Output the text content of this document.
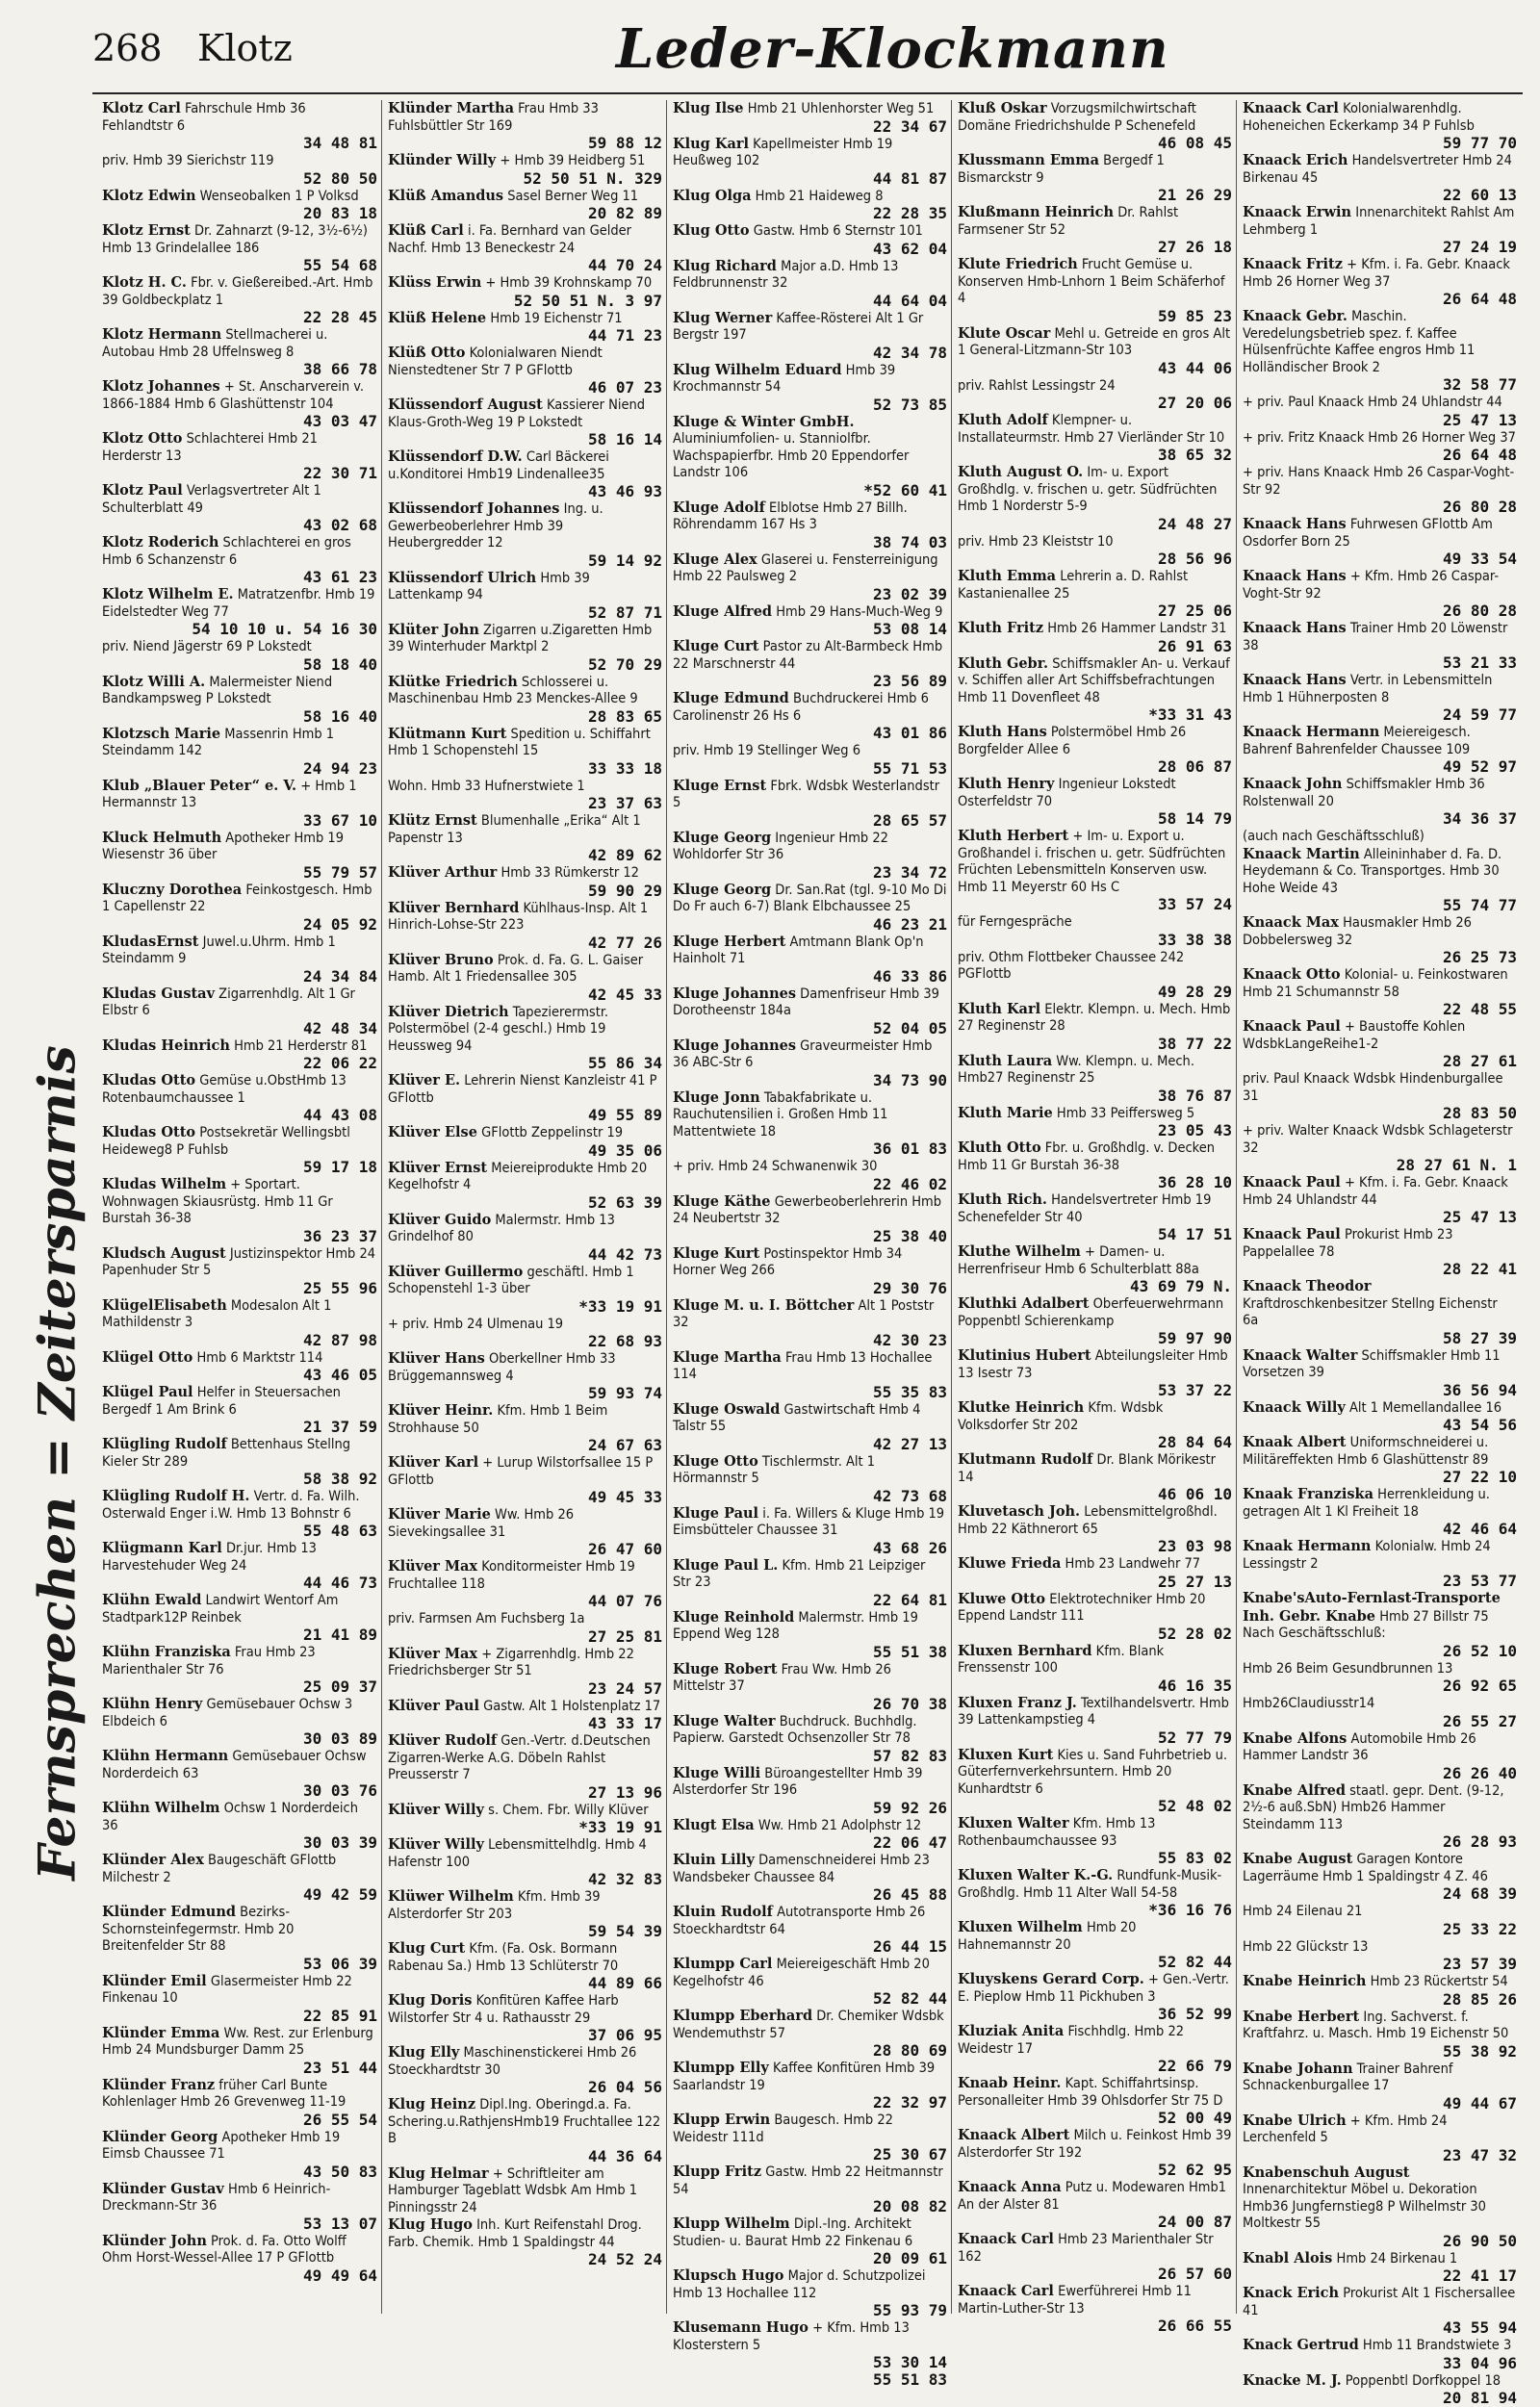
268 Klotz	Leder-Klockmann
Fernsprechen = Zeitersparnis
Klotz Carl Fahrschule Hmb 36 Fehlandtstr 6
34 48 81
priv. Hmb 39 Sierichstr 119
52 80 50
Klotz Edwin Wenseobalken 1 P Volksd
20 83 18
Klotz Ernst Dr. Zahnarzt (9-12, 3½-6½) Hmb 13 Grindelallee 186
55 54 68
Klotz H. C. Fbr. v. Gießereibed.-Art. Hmb 39 Goldbeckplatz 1
22 28 45
Klotz Hermann Stellmacherei u. Autobau Hmb 28 Uffelnsweg 8
38 66 78
Klotz Johannes + St. Anscharverein v. 1866-1884 Hmb 6 Glashüttenstr 104
43 03 47
Klotz Otto Schlachterei Hmb 21 Herderstr 13
22 30 71
Klotz Paul Verlagsvertreter Alt 1 Schulterblatt 49
43 02 68
Klotz Roderich Schlachterei en gros Hmb 6 Schanzenstr 6
43 61 23
Klotz Wilhelm E. Matratzenfbr. Hmb 19 Eidelstedter Weg 77
54 10 10 u. 54 16 30
priv. Niend Jägerstr 69 P Lokstedt
58 18 40
Klotz Willi A. Malermeister Niend Bandkampsweg P Lokstedt
58 16 40
Klotzsch Marie Massenrin Hmb 1 Steindamm 142
24 94 23
Klub „Blauer Peter“ e. V. + Hmb 1 Hermannstr 13
33 67 10
Kluck Helmuth Apotheker Hmb 19 Wiesenstr 36 über
55 79 57
Kluczny Dorothea Feinkostgesch. Hmb 1 Capellenstr 22
24 05 92
KludasErnst Juwel.u.Uhrm. Hmb 1 Steindamm 9
24 34 84
Kludas Gustav Zigarrenhdlg. Alt 1 Gr Elbstr 6
42 48 34
Kludas Heinrich Hmb 21 Herderstr 81
22 06 22
Kludas Otto Gemüse u.ObstHmb 13 Rotenbaumchaussee 1
44 43 08
Kludas Otto Postsekretär Wellingsbtl Heideweg8 P Fuhlsb
59 17 18
Kludas Wilhelm + Sportart. Wohnwagen Skiausrüstg. Hmb 11 Gr Burstah 36-38
36 23 37
Kludsch August Justizinspektor Hmb 24 Papenhuder Str 5
25 55 96
KlügelElisabeth Modesalon Alt 1 Mathildenstr 3
42 87 98
Klügel Otto Hmb 6 Marktstr 114
43 46 05
Klügel Paul Helfer in Steuersachen Bergedf 1 Am Brink 6
21 37 59
Klügling Rudolf Bettenhaus Stellng Kieler Str 289
58 38 92
Klügling Rudolf H. Vertr. d. Fa. Wilh. Osterwald Enger i.W. Hmb 13 Bohnstr 6
55 48 63
Klügmann Karl Dr.jur. Hmb 13 Harvestehuder Weg 24
44 46 73
Klühn Ewald Landwirt Wentorf Am Stadtpark12P Reinbek
21 41 89
Klühn Franziska Frau Hmb 23 Marienthaler Str 76
25 09 37
Klühn Henry Gemüsebauer Ochsw 3 Elbdeich 6
30 03 89
Klühn Hermann Gemüsebauer Ochsw Norderdeich 63
30 03 76
Klühn Wilhelm Ochsw 1 Norderdeich 36
30 03 39
Klünder Alex Baugeschäft GFlottb Milchestr 2
49 42 59
Klünder Edmund Bezirks-Schornsteinfegermstr. Hmb 20 Breitenfelder Str 88
53 06 39
Klünder Emil Glasermeister Hmb 22 Finkenau 10
22 85 91
Klünder Emma Ww. Rest. zur Erlenburg Hmb 24 Mundsburger Damm 25
23 51 44
Klünder Franz früher Carl Bunte Kohlenlager Hmb 26 Grevenweg 11-19
26 55 54
Klünder Georg Apotheker Hmb 19 Eimsb Chaussee 71
43 50 83
Klünder Gustav Hmb 6 Heinrich-Dreckmann-Str 36
53 13 07
Klünder John Prok. d. Fa. Otto Wolff Ohm Horst-Wessel-Allee 17 P GFlottb
49 49 64
Klünder Martha Frau Hmb 33 Fuhlsbüttler Str 169
59 88 12
Klünder Willy + Hmb 39 Heidberg 51
52 50 51 N. 329
Klüß Amandus Sasel Berner Weg 11
20 82 89
Klüß Carl i. Fa. Bernhard van Gelder Nachf. Hmb 13 Beneckestr 24
44 70 24
Klüss Erwin + Hmb 39 Krohnskamp 70
52 50 51 N. 3 97
Klüß Helene Hmb 19 Eichenstr 71
44 71 23
Klüß Otto Kolonialwaren Niendt Nienstedtener Str 7 P GFlottb
46 07 23
Klüssendorf August Kassierer Niend Klaus-Groth-Weg 19 P Lokstedt
58 16 14
Klüssendorf D.W. Carl Bäckerei u.Konditorei Hmb19 Lindenallee35
43 46 93
Klüssendorf Johannes Ing. u. Gewerbeoberlehrer Hmb 39 Heubergredder 12
59 14 92
Klüssendorf Ulrich Hmb 39 Lattenkamp 94
52 87 71
Klüter John Zigarren u.Zigaretten Hmb 39 Winterhuder Marktpl 2
52 70 29
Klütke Friedrich Schlosserei u. Maschinenbau Hmb 23 Menckes-Allee 9
28 83 65
Klütmann Kurt Spedition u. Schiffahrt Hmb 1 Schopenstehl 15
33 33 18
Wohn. Hmb 33 Hufnerstwiete 1
23 37 63
Klütz Ernst Blumenhalle „Erika“ Alt 1 Papenstr 13
42 89 62
Klüver Arthur Hmb 33 Rümkerstr 12
59 90 29
Klüver Bernhard Kühlhaus-Insp. Alt 1 Hinrich-Lohse-Str 223
42 77 26
Klüver Bruno Prok. d. Fa. G. L. Gaiser Hamb. Alt 1 Friedensallee 305
42 45 33
Klüver Dietrich Tapezierermstr. Polstermöbel (2-4 geschl.) Hmb 19 Heussweg 94
55 86 34
Klüver E. Lehrerin Nienst Kanzleistr 41 P GFlottb
49 55 89
Klüver Else GFlottb Zeppelinstr 19
49 35 06
Klüver Ernst Meiereiprodukte Hmb 20 Kegelhofstr 4
52 63 39
Klüver Guido Malermstr. Hmb 13 Grindelhof 80
44 42 73
Klüver Guillermo geschäftl. Hmb 1 Schopenstehl 1-3 über
*33 19 91
+ priv. Hmb 24 Ulmenau 19
22 68 93
Klüver Hans Oberkellner Hmb 33 Brüggemannsweg 4
59 93 74
Klüver Heinr. Kfm. Hmb 1 Beim Strohhause 50
24 67 63
Klüver Karl + Lurup Wilstorfsallee 15 P GFlottb
49 45 33
Klüver Marie Ww. Hmb 26 Sievekingsallee 31
26 47 60
Klüver Max Konditormeister Hmb 19 Fruchtallee 118
44 07 76
priv. Farmsen Am Fuchsberg 1a
27 25 81
Klüver Max + Zigarrenhdlg. Hmb 22 Friedrichsberger Str 51
23 24 57
Klüver Paul Gastw. Alt 1 Holstenplatz 17
43 33 17
Klüver Rudolf Gen.-Vertr. d.Deutschen Zigarren-Werke A.G. Döbeln Rahlst Preusserstr 7
27 13 96
Klüver Willy s. Chem. Fbr. Willy Klüver
*33 19 91
Klüver Willy Lebensmittelhdlg. Hmb 4 Hafenstr 100
42 32 83
Klüwer Wilhelm Kfm. Hmb 39 Alsterdorfer Str 203
59 54 39
Klug Curt Kfm. (Fa. Osk. Bormann Rabenau Sa.) Hmb 13 Schlüterstr 70
44 89 66
Klug Doris Konfitüren Kaffee Harb Wilstorfer Str 4 u. Rathausstr 29
37 06 95
Klug Elly Maschinenstickerei Hmb 26 Stoeckhardtstr 30
26 04 56
Klug Heinz Dipl.Ing. Oberingd.a. Fa. Schering.u.RathjensHmb19 Fruchtallee 122 B
44 36 64
Klug Helmar + Schriftleiter am Hamburger Tageblatt Wdsbk Am Hmb 1 Pinningsstr 24
Klug Hugo Inh. Kurt Reifenstahl Drog. Farb. Chemik. Hmb 1 Spaldingstr 44
24 52 24
Klug Ilse Hmb 21 Uhlenhorster Weg 51
22 34 67
Klug Karl Kapellmeister Hmb 19 Heußweg 102
44 81 87
Klug Olga Hmb 21 Haideweg 8
22 28 35
Klug Otto Gastw. Hmb 6 Sternstr 101
43 62 04
Klug Richard Major a.D. Hmb 13 Feldbrunnenstr 32
44 64 04
Klug Werner Kaffee-Rösterei Alt 1 Gr Bergstr 197
42 34 78
Klug Wilhelm Eduard Hmb 39 Krochmannstr 54
52 73 85
Kluge & Winter GmbH. Aluminiumfolien- u. Stanniolfbr. Wachspapierfbr. Hmb 20 Eppendorfer Landstr 106
*52 60 41
Kluge Adolf Elblotse Hmb 27 Billh. Röhrendamm 167 Hs 3
38 74 03
Kluge Alex Glaserei u. Fensterreinigung Hmb 22 Paulsweg 2
23 02 39
Kluge Alfred Hmb 29 Hans-Much-Weg 9
53 08 14
Kluge Curt Pastor zu Alt-Barmbeck Hmb 22 Marschnerstr 44
23 56 89
Kluge Edmund Buchdruckerei Hmb 6 Carolinenstr 26 Hs 6
43 01 86
priv. Hmb 19 Stellinger Weg 6
55 71 53
Kluge Ernst Fbrk. Wdsbk Westerlandstr 5
28 65 57
Kluge Georg Ingenieur Hmb 22 Wohldorfer Str 36
23 34 72
Kluge Georg Dr. San.Rat (tgl. 9-10 Mo Di Do Fr auch 6-7) Blank Elbchaussee 25
46 23 21
Kluge Herbert Amtmann Blank Op'n Hainholt 71
46 33 86
Kluge Johannes Damenfriseur Hmb 39 Dorotheenstr 184a
52 04 05
Kluge Johannes Graveurmeister Hmb 36 ABC-Str 6
34 73 90
Kluge Jonn Tabakfabrikate u. Rauchutensilien i. Großen Hmb 11 Mattentwiete 18
36 01 83
+ priv. Hmb 24 Schwanenwik 30
22 46 02
Kluge Käthe Gewerbeoberlehrerin Hmb 24 Neubertstr 32
25 38 40
Kluge Kurt Postinspektor Hmb 34 Horner Weg 266
29 30 76
Kluge M. u. I. Böttcher Alt 1 Poststr 32
42 30 23
Kluge Martha Frau Hmb 13 Hochallee 114
55 35 83
Kluge Oswald Gastwirtschaft Hmb 4 Talstr 55
42 27 13
Kluge Otto Tischlermstr. Alt 1 Hörmannstr 5
42 73 68
Kluge Paul i. Fa. Willers & Kluge Hmb 19 Eimsbütteler Chaussee 31
43 68 26
Kluge Paul L. Kfm. Hmb 21 Leipziger Str 23
22 64 81
Kluge Reinhold Malermstr. Hmb 19 Eppend Weg 128
55 51 38
Kluge Robert Frau Ww. Hmb 26 Mittelstr 37
26 70 38
Kluge Walter Buchdruck. Buchhdlg. Papierw. Garstedt Ochsenzoller Str 78
57 82 83
Kluge Willi Büroangestellter Hmb 39 Alsterdorfer Str 196
59 92 26
Klugt Elsa Ww. Hmb 21 Adolphstr 12
22 06 47
Kluin Lilly Damenschneiderei Hmb 23 Wandsbeker Chaussee 84
26 45 88
Kluin Rudolf Autotransporte Hmb 26 Stoeckhardtstr 64
26 44 15
Klumpp Carl Meiereigeschäft Hmb 20 Kegelhofstr 46
52 82 44
Klumpp Eberhard Dr. Chemiker Wdsbk Wendemuthstr 57
28 80 69
Klumpp Elly Kaffee Konfitüren Hmb 39 Saarlandstr 19
22 32 97
Klupp Erwin Baugesch. Hmb 22 Weidestr 111d
25 30 67
Klupp Fritz Gastw. Hmb 22 Heitmannstr 54
20 08 82
Klupp Wilhelm Dipl.-Ing. Architekt Studien- u. Baurat Hmb 22 Finkenau 6
20 09 61
Klupsch Hugo Major d. Schutzpolizei Hmb 13 Hochallee 112
55 93 79
Klusemann Hugo + Kfm. Hmb 13 Klosterstern 5
53 30 14
55 51 83
Kluß Oskar Vorzugsmilchwirtschaft Domäne Friedrichshulde P Schenefeld
46 08 45
Klussmann Emma Bergedf 1 Bismarckstr 9
21 26 29
Klußmann Heinrich Dr. Rahlst Farmsener Str 52
27 26 18
Klute Friedrich Frucht Gemüse u. Konserven Hmb-Lnhorn 1 Beim Schäferhof 4
59 85 23
Klute Oscar Mehl u. Getreide en gros Alt 1 General-Litzmann-Str 103
43 44 06
priv. Rahlst Lessingstr 24
27 20 06
Kluth Adolf Klempner- u. Installateurmstr. Hmb 27 Vierländer Str 10
38 65 32
Kluth August O. Im- u. Export Großhdlg. v. frischen u. getr. Südfrüchten Hmb 1 Norderstr 5-9
24 48 27
priv. Hmb 23 Kleiststr 10
28 56 96
Kluth Emma Lehrerin a. D. Rahlst Kastanienallee 25
27 25 06
Kluth Fritz Hmb 26 Hammer Landstr 31
26 91 63
Kluth Gebr. Schiffsmakler An- u. Verkauf v. Schiffen aller Art Schiffsbefrachtungen Hmb 11 Dovenfleet 48
*33 31 43
Kluth Hans Polstermöbel Hmb 26 Borgfelder Allee 6
28 06 87
Kluth Henry Ingenieur Lokstedt Osterfeldstr 70
58 14 79
Kluth Herbert + Im- u. Export u. Großhandel i. frischen u. getr. Südfrüchten Früchten Lebensmitteln Konserven usw. Hmb 11 Meyerstr 60 Hs C
33 57 24
für Ferngespräche
33 38 38
priv. Othm Flottbeker Chaussee 242 PGFlottb
49 28 29
Kluth Karl Elektr. Klempn. u. Mech. Hmb 27 Reginenstr 28
38 77 22
Kluth Laura Ww. Klempn. u. Mech. Hmb27 Reginenstr 25
38 76 87
Kluth Marie Hmb 33 Peiffersweg 5
23 05 43
Kluth Otto Fbr. u. Großhdlg. v. Decken Hmb 11 Gr Burstah 36-38
36 28 10
Kluth Rich. Handelsvertreter Hmb 19 Schenefelder Str 40
54 17 51
Kluthe Wilhelm + Damen- u. Herrenfriseur Hmb 6 Schulterblatt 88a
43 69 79 N.
Kluthki Adalbert Oberfeuerwehrmann Poppenbtl Schierenkamp
59 97 90
Klutinius Hubert Abteilungsleiter Hmb 13 Isestr 73
53 37 22
Klutke Heinrich Kfm. Wdsbk Volksdorfer Str 202
28 84 64
Klutmann Rudolf Dr. Blank Mörikestr 14
46 06 10
Kluvetasch Joh. Lebensmittelgroßhdl. Hmb 22 Käthnerort 65
23 03 98
Kluwe Frieda Hmb 23 Landwehr 77
25 27 13
Kluwe Otto Elektrotechniker Hmb 20 Eppend Landstr 111
52 28 02
Kluxen Bernhard Kfm. Blank Frenssenstr 100
46 16 35
Kluxen Franz J. Textilhandelsvertr. Hmb 39 Lattenkampstieg 4
52 77 79
Kluxen Kurt Kies u. Sand Fuhrbetrieb u. Güterfernverkehrsuntern. Hmb 20 Kunhardtstr 6
52 48 02
Kluxen Walter Kfm. Hmb 13 Rothenbaumchaussee 93
55 83 02
Kluxen Walter K.-G. Rundfunk-Musik-Großhdlg. Hmb 11 Alter Wall 54-58
*36 16 76
Kluxen Wilhelm Hmb 20 Hahnemannstr 20
52 82 44
Kluyskens Gerard Corp. + Gen.-Vertr. E. Pieplow Hmb 11 Pickhuben 3
36 52 99
Kluziak Anita Fischhdlg. Hmb 22 Weidestr 17
22 66 79
Knaab Heinr. Kapt. Schiffahrtsinsp. Personalleiter Hmb 39 Ohlsdorfer Str 75 D
52 00 49
Knaack Albert Milch u. Feinkost Hmb 39 Alsterdorfer Str 192
52 62 95
Knaack Anna Putz u. Modewaren Hmb1 An der Alster 81
24 00 87
Knaack Carl Hmb 23 Marienthaler Str 162
26 57 60
Knaack Carl Ewerführerei Hmb 11 Martin-Luther-Str 13
26 66 55
Knaack Carl Kolonialwarenhdlg. Hoheneichen Eckerkamp 34 P Fuhlsb
59 77 70
Knaack Erich Handelsvertreter Hmb 24 Birkenau 45
22 60 13
Knaack Erwin Innenarchitekt Rahlst Am Lehmberg 1
27 24 19
Knaack Fritz + Kfm. i. Fa. Gebr. Knaack Hmb 26 Horner Weg 37
26 64 48
Knaack Gebr. Maschin. Veredelungsbetrieb spez. f. Kaffee Hülsenfrüchte Kaffee engros Hmb 11 Holländischer Brook 2
32 58 77
+ priv. Paul Knaack Hmb 24 Uhlandstr 44
25 47 13
+ priv. Fritz Knaack Hmb 26 Horner Weg 37
26 64 48
+ priv. Hans Knaack Hmb 26 Caspar-Voght-Str 92
26 80 28
Knaack Hans Fuhrwesen GFlottb Am Osdorfer Born 25
49 33 54
Knaack Hans + Kfm. Hmb 26 Caspar-Voght-Str 92
26 80 28
Knaack Hans Trainer Hmb 20 Löwenstr 38
53 21 33
Knaack Hans Vertr. in Lebensmitteln Hmb 1 Hühnerposten 8
24 59 77
Knaack Hermann Meiereigesch. Bahrenf Bahrenfelder Chaussee 109
49 52 97
Knaack John Schiffsmakler Hmb 36 Rolstenwall 20
34 36 37
(auch nach Geschäftsschluß)
Knaack Martin Alleininhaber d. Fa. D. Heydemann & Co. Transportges. Hmb 30 Hohe Weide 43
55 74 77
Knaack Max Hausmakler Hmb 26 Dobbelersweg 32
26 25 73
Knaack Otto Kolonial- u. Feinkostwaren Hmb 21 Schumannstr 58
22 48 55
Knaack Paul + Baustoffe Kohlen WdsbkLangeReihe1-2
28 27 61
priv. Paul Knaack Wdsbk Hindenburgallee 31
28 83 50
+ priv. Walter Knaack Wdsbk Schlageterstr 32
28 27 61 N. 1
Knaack Paul + Kfm. i. Fa. Gebr. Knaack Hmb 24 Uhlandstr 44
25 47 13
Knaack Paul Prokurist Hmb 23 Pappelallee 78
28 22 41
Knaack Theodor Kraftdroschkenbesitzer Stellng Eichenstr 6a
58 27 39
Knaack Walter Schiffsmakler Hmb 11 Vorsetzen 39
36 56 94
Knaack Willy Alt 1 Memellandallee 16
43 54 56
Knaak Albert Uniformschneiderei u. Militäreffekten Hmb 6 Glashüttenstr 89
27 22 10
Knaak Franziska Herrenkleidung u. getragen Alt 1 Kl Freiheit 18
42 46 64
Knaak Hermann Kolonialw. Hmb 24 Lessingstr 2
23 53 77
Knabe'sAuto-Fernlast-Transporte Inh. Gebr. Knabe Hmb 27 Billstr 75 Nach Geschäftsschluß:
26 52 10
Hmb 26 Beim Gesundbrunnen 13
26 92 65
Hmb26Claudiusstr14
26 55 27
Knabe Alfons Automobile Hmb 26 Hammer Landstr 36
26 26 40
Knabe Alfred staatl. gepr. Dent. (9-12, 2½-6 auß.SbN) Hmb26 Hammer Steindamm 113
26 28 93
Knabe August Garagen Kontore Lagerräume Hmb 1 Spaldingstr 4 Z. 46
24 68 39
Hmb 24 Eilenau 21
25 33 22
Hmb 22 Glückstr 13
23 57 39
Knabe Heinrich Hmb 23 Rückertstr 54
28 85 26
Knabe Herbert Ing. Sachverst. f. Kraftfahrz. u. Masch. Hmb 19 Eichenstr 50
55 38 92
Knabe Johann Trainer Bahrenf Schnackenburgallee 17
49 44 67
Knabe Ulrich + Kfm. Hmb 24 Lerchenfeld 5
23 47 32
Knabenschuh August Innenarchitektur Möbel u. Dekoration Hmb36 Jungfernstieg8 P Wilhelmstr 30 Moltkestr 55
26 90 50
Knabl Alois Hmb 24 Birkenau 1
22 41 17
Knack Erich Prokurist Alt 1 Fischersallee 41
43 55 94
Knack Gertrud Hmb 11 Brandstwiete 3
33 04 96
Knacke M. J. Poppenbtl Dorfkoppel 18
20 81 94
